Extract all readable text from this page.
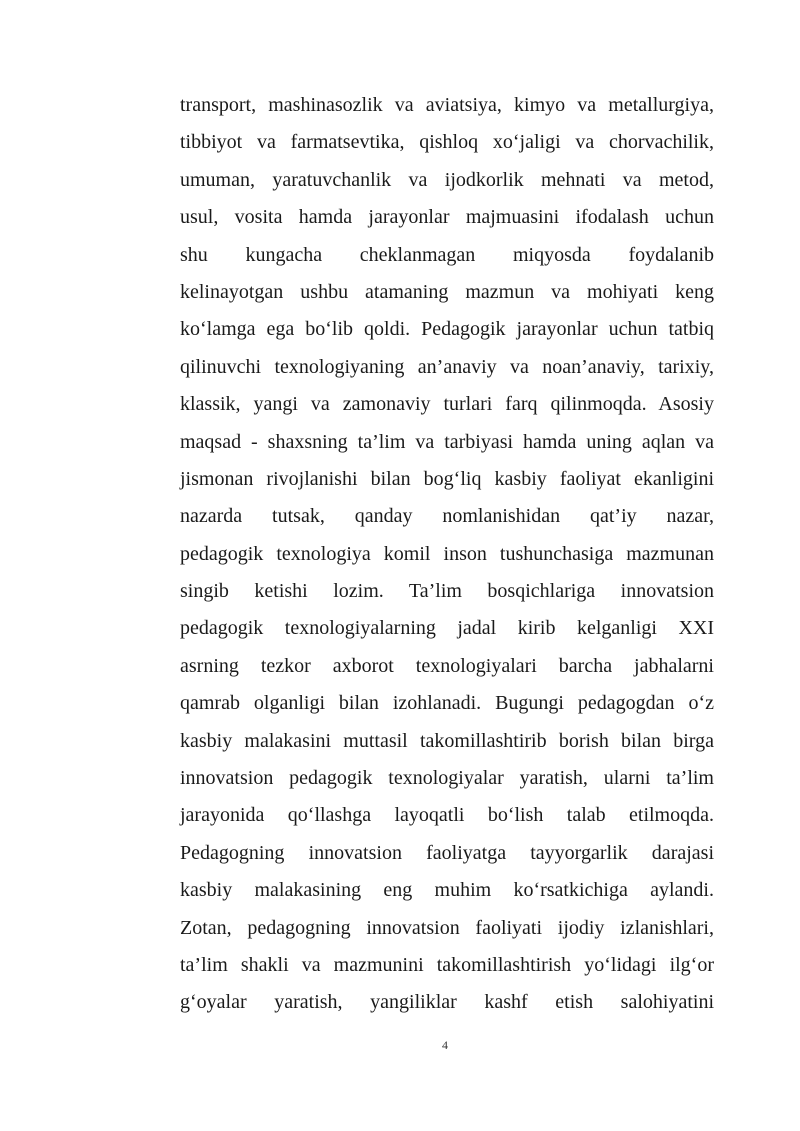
transport, mashinasozlik va aviatsiya, kimyo va metallurgiya,
tibbiyot va farmatsevtika, qishloq xo‘jaligi va chorvachilik,
umuman, yaratuvchanlik va ijodkorlik mehnati va metod,
usul, vosita hamda jarayonlar majmuasini ifodalash uchun
shu kungacha cheklanmagan miqyosda foydalanib
kelinayotgan ushbu atamaning mazmun va mohiyati keng
ko‘lamga ega bo‘lib qoldi. Pedagogik jarayonlar uchun tatbiq
qilinuvchi texnologiyaning an’anaviy va noan’anaviy, tarixiy,
klassik, yangi va zamonaviy turlari farq qilinmoqda. Asosiy
maqsad - shaxsning ta’lim va tarbiyasi hamda uning aqlan va
jismonan rivojlanishi bilan bog‘liq kasbiy faoliyat ekanligini
nazarda tutsak, qanday nomlanishidan qat’iy nazar,
pedagogik texnologiya komil inson tushunchasiga mazmunan
singib ketishi lozim. Ta’lim bosqichlariga innovatsion
pedagogik texnologiyalarning jadal kirib kelganligi XXI
asrning tezkor axborot texnologiyalari barcha jabhalarni
qamrab olganligi bilan izohlanadi. Bugungi pedagogdan o‘z
kasbiy malakasini muttasil takomillashtirib borish bilan birga
innovatsion pedagogik texnologiyalar yaratish, ularni ta’lim
jarayonida qo‘llashga layoqatli bo‘lish talab etilmoqda.
Pedagogning innovatsion faoliyatga tayyorgarlik darajasi
kasbiy malakasining eng muhim ko‘rsatkichiga aylandi.
Zotan, pedagogning innovatsion faoliyati ijodiy izlanishlari,
ta’lim shakli va mazmunini takomillashtirish yo‘lidagi ilg‘or
g‘oyalar yaratish, yangiliklar kashf etish salohiyatini
4
